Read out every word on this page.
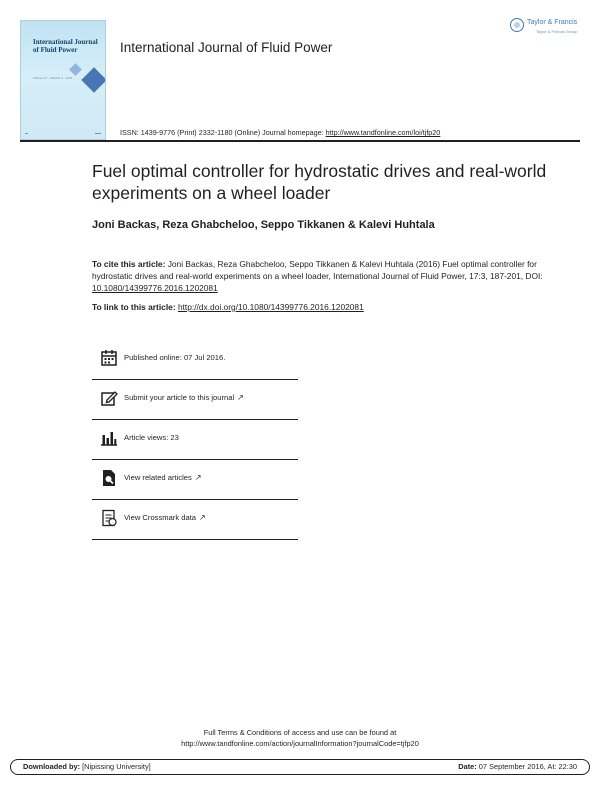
International Journal of Fluid Power
Volume 17 · Number 3 · 2016
▬	▬▬
International Journal of Fluid Power
Taylor & Francis
Taylor & Francis Group
ISSN: 1439-9776 (Print) 2332-1180 (Online) Journal homepage: http://www.tandfonline.com/loi/tjfp20
Fuel optimal controller for hydrostatic drives and real-world experiments on a wheel loader
Joni Backas, Reza Ghabcheloo, Seppo Tikkanen & Kalevi Huhtala
To cite this article: Joni Backas, Reza Ghabcheloo, Seppo Tikkanen & Kalevi Huhtala (2016) Fuel optimal controller for hydrostatic drives and real-world experiments on a wheel loader, International Journal of Fluid Power, 17:3, 187-201, DOI: 10.1080/14399776.2016.1202081
To link to this article: http://dx.doi.org/10.1080/14399776.2016.1202081
Published online: 07 Jul 2016.
Submit your article to this journal ↗
Article views: 23
View related articles ↗
View Crossmark data ↗
Full Terms & Conditions of access and use can be found at
http://www.tandfonline.com/action/journalInformation?journalCode=tjfp20
Downloaded by: [Nipissing University]	Date: 07 September 2016, At: 22:30
